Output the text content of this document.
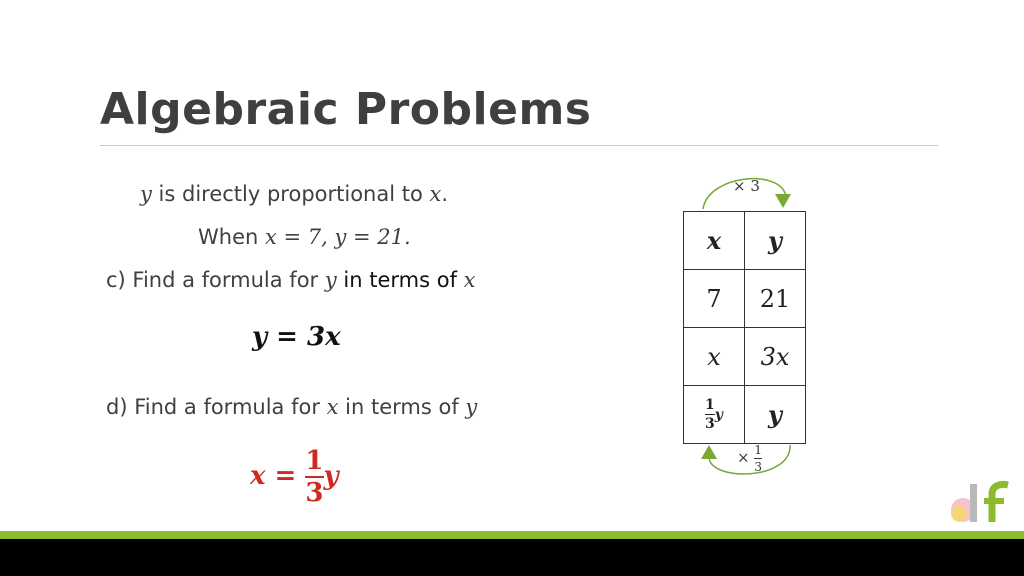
Algebraic Problems
y is directly proportional to x.
When x = 7, y = 21.
c) Find a formula for y in terms of x
y = 3x
d) Find a formula for x in terms of y
$x = \frac{1}{3}$ y
× 3
× $\frac{1}{3}$
x	y
7	21
x	3x

$\frac{1}{3}$ y	y
df
